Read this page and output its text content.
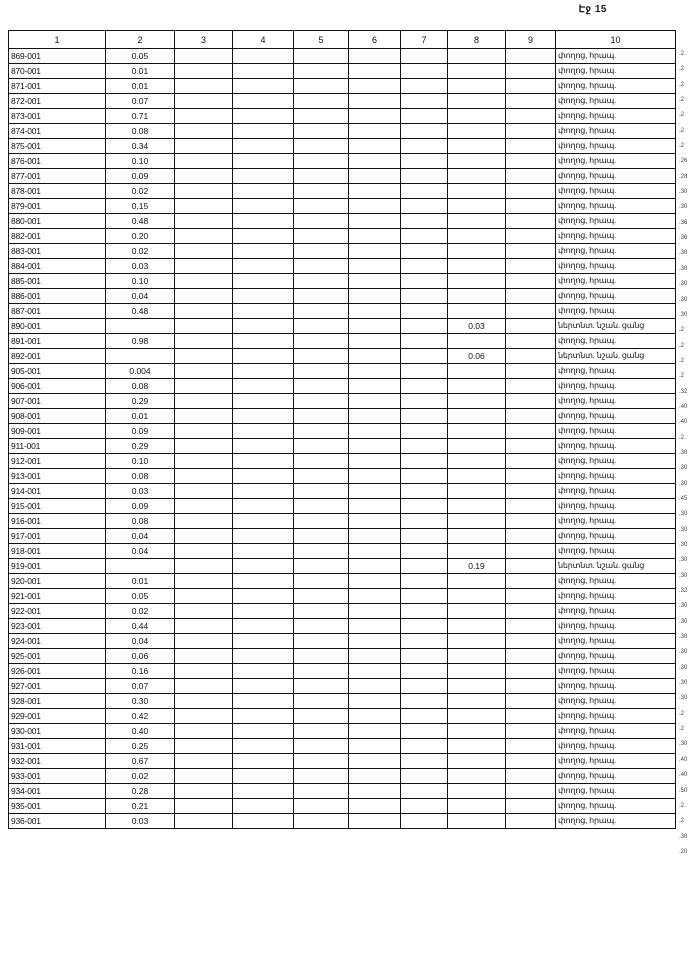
Էջ 15
1	2	3	4	5	6	7	8	9	10
869-001	0.05								փողոց, հրապ.
870-001	0.01								փողոց, հրապ.
871-001	0.01								փողոց, հրապ.
872-001	0.07								փողոց, հրապ.
873-001	0.71								փողոց, հրապ.
874-001	0.08								փողոց, հրապ.
875-001	0.34								փողոց, հրապ.
876-001	0.10								փողոց, հրապ.
877-001	0.09								փողոց, հրապ.
878-001	0.02								փողոց, հրապ.
879-001	0.15								փողոց, հրապ.
880-001	0.48								փողոց, հրապ.
882-001	0.20								փողոց, հրապ.
883-001	0.02								փողոց, հրապ.
884-001	0.03								փողոց, հրապ.
885-001	0.10								փողոց, հրապ.
886-001	0.04								փողոց, հրապ.
887-001	0.48								փողոց, հրապ.
890-001							0.03		ներտնտ. նշան. ցանց
891-001	0.98								փողոց, հրապ.
892-001							0.06		ներտնտ. նշան. ցանց
905-001	0.004								փողոց, հրապ.
906-001	0.08								փողոց, հրապ.
907-001	0.29								փողոց, հրապ.
908-001	0.01								փողոց, հրապ.
909-001	0.09								փողոց, հրապ.
911-001	0.29								փողոց, հրապ.
912-001	0.10								փողոց, հրապ.
913-001	0.08								փողոց, հրապ.
914-001	0.03								փողոց, հրապ.
915-001	0.09								փողոց, հրապ.
916-001	0.08								փողոց, հրապ.
917-001	0.04								փողոց, հրապ.
918-001	0.04								փողոց, հրապ.
919-001							0.19		ներտնտ. նշան. ցանց
920-001	0.01								փողոց, հրապ.
921-001	0.05								փողոց, հրապ.
922-001	0.02								փողոց, հրապ.
923-001	0.44								փողոց, հրապ.
924-001	0.04								փողոց, հրապ.
925-001	0.06								փողոց, հրապ.
926-001	0.16								փողոց, հրապ.
927-001	0.07								փողոց, հրապ.
928-001	0.30								փողոց, հրապ.
929-001	0.42								փողոց, հրապ.
930-001	0.40								փողոց, հրապ.
931-001	0.25								փողոց, հրապ.
932-001	0.67								փողոց, հրապ.
933-001	0.02								փողոց, հրապ.
934-001	0.28								փողոց, հրապ.
935-001	0.21								փողոց, հրապ.
936-001	0.03								փողոց, հրապ.
.2
.2
.2
.2
.2
.2
.2
.26
.28
.30
.30
.36
.36
.30
.30
.30
.30
.30
.2
.2
.2
.2
.32
.40
.40
.2
.30
.30
.30
.45
.30
.30
.30
.30
.30
.32
.30
.30
.30
.30
.30
.30
.30
.2
.2
.30
.40
.40
.50
.2
.2
.30
.20
